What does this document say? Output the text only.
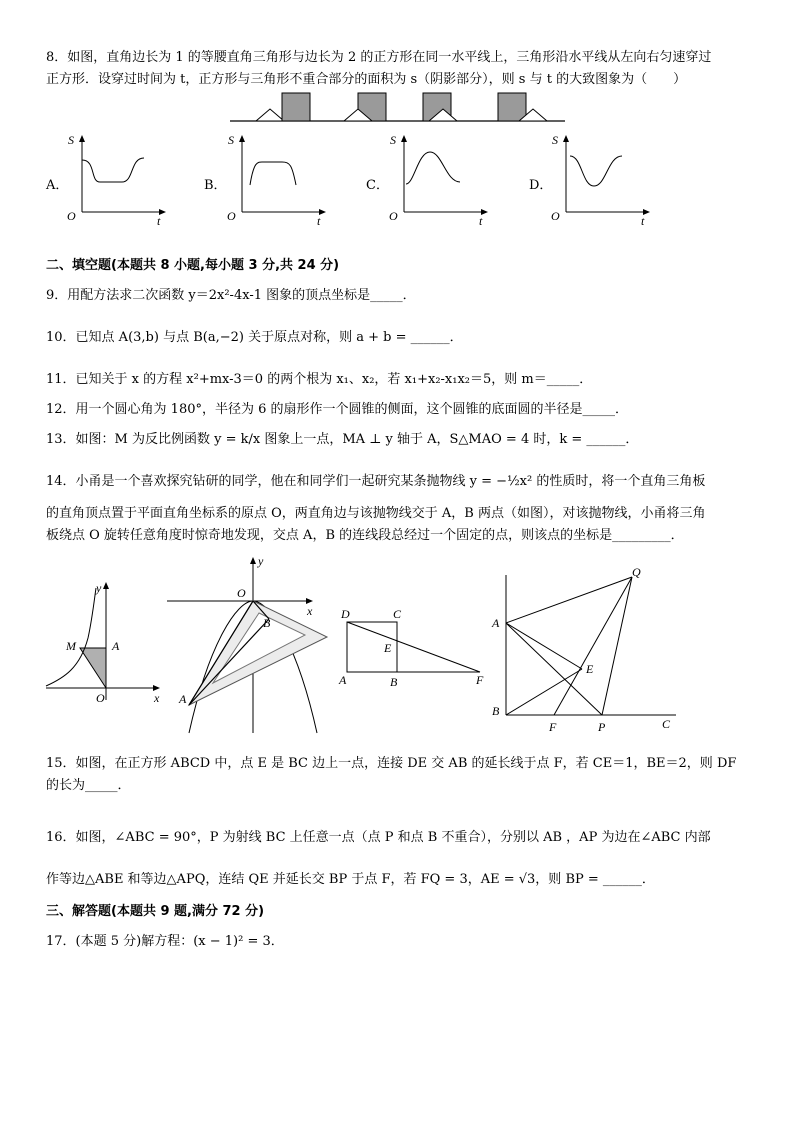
8．如图，直角边长为 1 的等腰直角三角形与边长为 2 的正方形在同一水平线上，三角形沿水平线从左向右匀速穿过
正方形．设穿过时间为 t，正方形与三角形不重合部分的面积为 s（阴影部分），则 s 与 t 的大致图象为（　　）
A．	B．	C．	D．
S
O	t
S
O	t
S
O	t
S
O	t
二、填空题(本题共 8 小题,每小题 3 分,共 24 分)
9．用配方法求二次函数 y＝2x²-4x-1 图象的顶点坐标是_____．
10．已知点 A(3,b) 与点 B(a,−2) 关于原点对称，则 a + b = ______．
11．已知关于 x 的方程 x²+mx-3＝0 的两个根为 x₁、x₂，若 x₁+x₂-x₁x₂＝5，则 m＝_____．
12．用一个圆心角为 180°，半径为 6 的扇形作一个圆锥的侧面，这个圆锥的底面圆的半径是_____．
13．如图：M 为反比例函数 y = k/x 图象上一点，MA ⊥ y 轴于 A，S△MAO = 4 时，k = ______．
14．小甬是一个喜欢探究钻研的同学，他在和同学们一起研究某条抛物线 y = −½x² 的性质时，将一个直角三角板
的直角顶点置于平面直角坐标系的原点 O，两直角边与该抛物线交于 A，B 两点（如图），对该抛物线，小甬将三角
板绕点 O 旋转任意角度时惊奇地发现，交点 A，B 的连线段总经过一个固定的点，则该点的坐标是_________．
y
x
M	A
O
y
x
O
A
B
D	C
E
A	B	F
Q
A
E
B
F	P	C
15．如图，在正方形 ABCD 中，点 E 是 BC 边上一点，连接 DE 交 AB 的延长线于点 F，若 CE＝1，BE＝2，则 DF
的长为_____．
16．如图，∠ABC = 90°，P 为射线 BC 上任意一点（点 P 和点 B 不重合），分别以 AB ，AP 为边在∠ABC 内部
作等边△ABE 和等边△APQ，连结 QE 并延长交 BP 于点 F，若 FQ = 3，AE = √3，则 BP = ______．
三、解答题(本题共 9 题,满分 72 分)
17．(本题 5 分)解方程：(x − 1)² = 3．
